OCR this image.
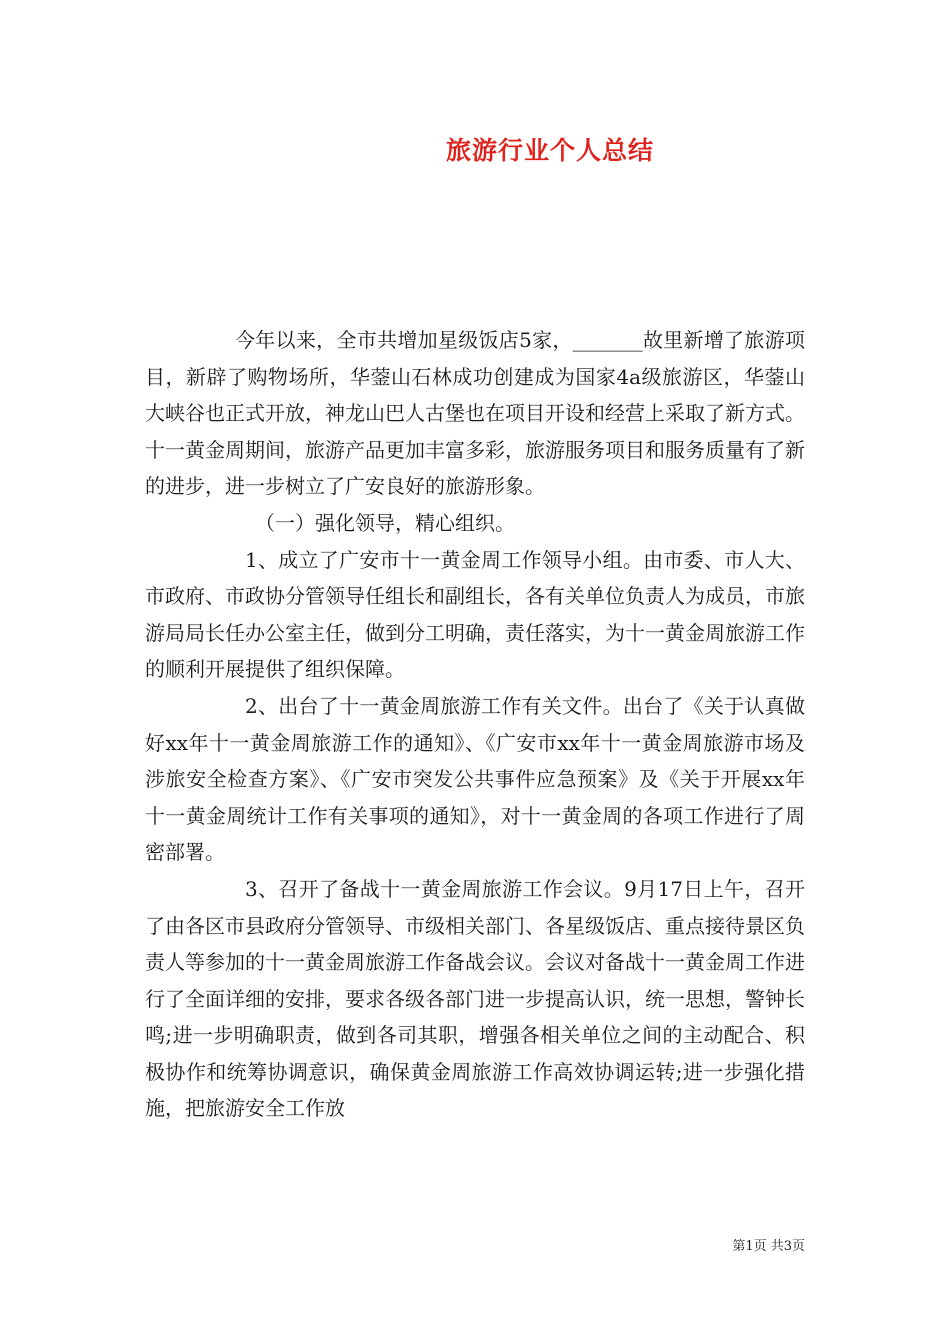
旅游行业个人总结

今年以来，全市共增加星级饭店5家，_______故里新增了旅游项目，新辟了购物场所，华蓥山石林成功创建成为国家4a级旅游区，华蓥山大峡谷也正式开放，神龙山巴人古堡也在项目开设和经营上采取了新方式。十一黄金周期间，旅游产品更加丰富多彩，旅游服务项目和服务质量有了新的进步，进一步树立了广安良好的旅游形象。

（一）强化领导，精心组织。

1、成立了广安市十一黄金周工作领导小组。由市委、市人大、市政府、市政协分管领导任组长和副组长，各有关单位负责人为成员，市旅游局局长任办公室主任，做到分工明确，责任落实，为十一黄金周旅游工作的顺利开展提供了组织保障。

2、出台了十一黄金周旅游工作有关文件。出台了《关于认真做好xx年十一黄金周旅游工作的通知》、《广安市xx年十一黄金周旅游市场及涉旅安全检查方案》、《广安市突发公共事件应急预案》及《关于开展xx年十一黄金周统计工作有关事项的通知》，对十一黄金周的各项工作进行了周密部署。

3、召开了备战十一黄金周旅游工作会议。9月17日上午，召开了由各区市县政府分管领导、市级相关部门、各星级饭店、重点接待景区负责人等参加的十一黄金周旅游工作备战会议。会议对备战十一黄金周工作进行了全面详细的安排，要求各级各部门进一步提高认识，统一思想，警钟长鸣;进一步明确职责，做到各司其职，增强各相关单位之间的主动配合、积极协作和统筹协调意识，确保黄金周旅游工作高效协调运转;进一步强化措施，把旅游安全工作放

第1页 共3页
